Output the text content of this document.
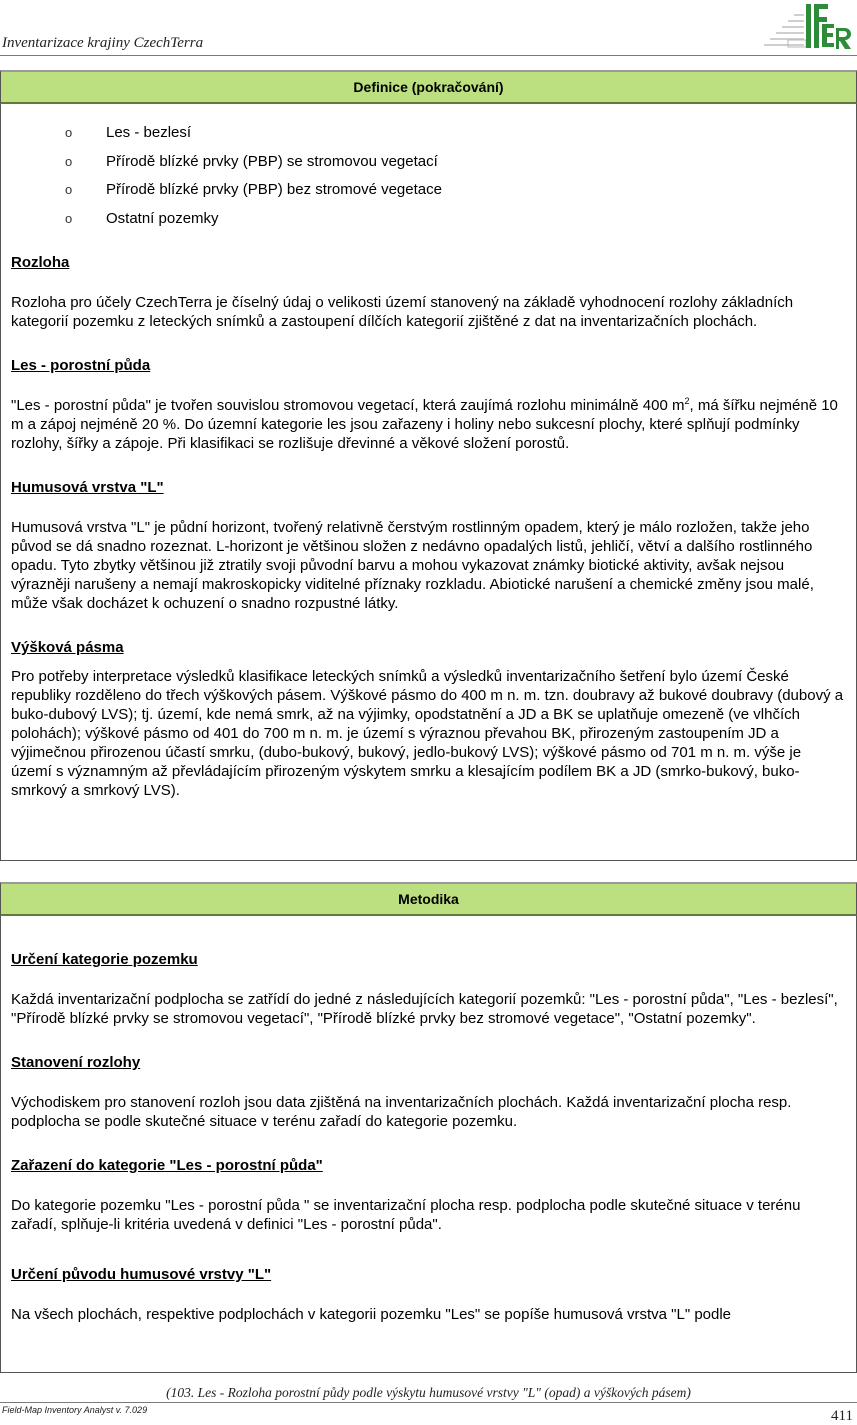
Inventarizace krajiny CzechTerra
Definice (pokračování)
o Les - bezlesí
o Přírodě blízké prvky (PBP) se stromovou vegetací
o Přírodě blízké prvky (PBP) bez stromové vegetace
o Ostatní pozemky

Rozloha

Rozloha pro účely CzechTerra je číselný údaj o velikosti území stanovený na základě vyhodnocení rozlohy základních kategorií pozemku z leteckých snímků a zastoupení dílčích kategorií zjištěné z dat na inventarizačních plochách.

Les - porostní půda

"Les - porostní půda" je tvořen souvislou stromovou vegetací, která zaujímá rozlohu minimálně 400 $m^2$, má šířku nejméně 10 m a zápoj nejméně 20 %. Do územní kategorie les jsou zařazeny i holiny nebo sukcesní plochy, které splňují podmínky rozlohy, šířky a zápoje. Při klasifikaci se rozlišuje dřevinné a věkové složení porostů.

Humusová vrstva "L"

Humusová vrstva "L" je půdní horizont, tvořený relativně čerstvým rostlinným opadem, který je málo rozložen, takže jeho původ se dá snadno rozeznat. L-horizont je většinou složen z nedávno opadalých listů, jehličí, větví a dalšího rostlinného opadu. Tyto zbytky většinou již ztratily svoji původní barvu a mohou vykazovat známky biotické aktivity, avšak nejsou výrazněji narušeny a nemají makroskopicky viditelné příznaky rozkladu. Abiotické narušení a chemické změny jsou malé, může však docházet k ochuzení o snadno rozpustné látky.

Výšková pásma

Pro potřeby interpretace výsledků klasifikace leteckých snímků a výsledků inventarizačního šetření bylo území České republiky rozděleno do třech výškových pásem. Výškové pásmo do 400 m n. m. tzn. doubravy až bukové doubravy (dubový a buko-dubový LVS); tj. území, kde nemá smrk, až na výjimky, opodstatnění a JD a BK se uplatňuje omezeně (ve vlhčích polohách); výškové pásmo od 401 do 700 m n. m. je území s výraznou převahou BK, přirozeným zastoupením JD a výjimečnou přirozenou účastí smrku, (dubo-bukový, bukový, jedlo-bukový LVS); výškové pásmo od 701 m n. m. výše je území s významným až převládajícím přirozeným výskytem smrku a klesajícím podílem BK a JD (smrko-bukový, buko-smrkový a smrkový LVS).

Metodika

Určení kategorie pozemku

Každá inventarizační podplocha se zatřídí do jedné z následujících kategorií pozemků: "Les - porostní půda", "Les - bezlesí", "Přírodě blízké prvky se stromovou vegetací", "Přírodě blízké prvky bez stromové vegetace", "Ostatní pozemky".

Stanovení rozlohy

Východiskem pro stanovení rozloh jsou data zjištěná na inventarizačních plochách. Každá inventarizační plocha resp. podplocha se podle skutečné situace v terénu zařadí do kategorie pozemku.

Zařazení do kategorie "Les - porostní půda"

Do kategorie pozemku "Les - porostní půda " se inventarizační plocha resp. podplocha podle skutečné situace v terénu zařadí, splňuje-li kritéria uvedená v definici "Les - porostní půda".

Určení původu humusové vrstvy "L"

Na všech plochách, respektive podplochách v kategorii pozemku "Les" se popíše humusová vrstva "L" podle

(103. Les - Rozloha porostní půdy podle výskytu humusové vrstvy "L" (opad) a výškových pásem)
Field-Map Inventory Analyst v. 7.029	411
